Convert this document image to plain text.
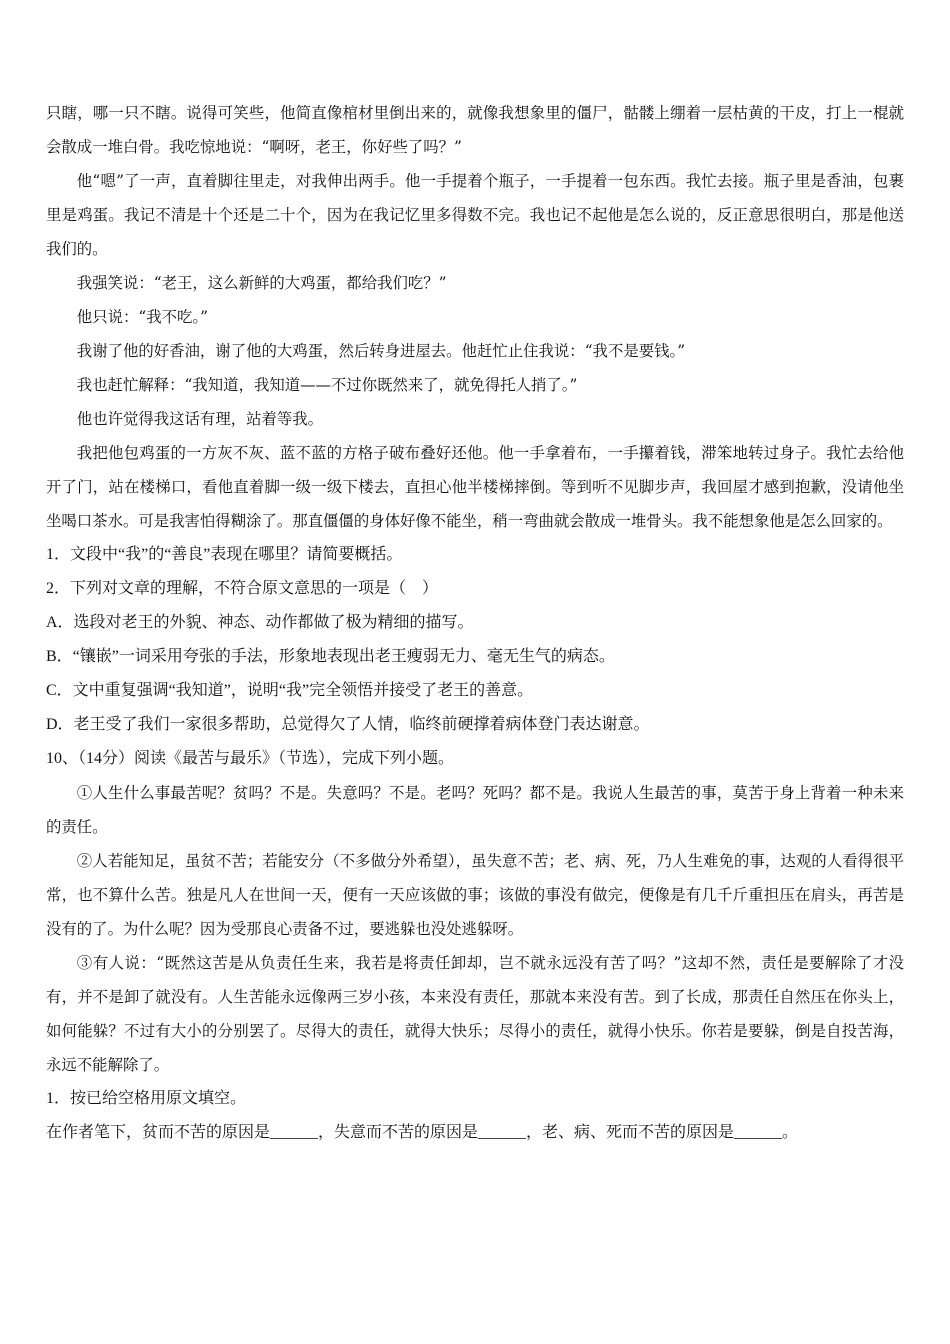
只瞎，哪一只不瞎。说得可笑些，他简直像棺材里倒出来的，就像我想象里的僵尸，骷髅上绷着一层枯黄的干皮，打上一棍就会散成一堆白骨。我吃惊地说：“啊呀，老王，你好些了吗？”

他“嗯”了一声，直着脚往里走，对我伸出两手。他一手提着个瓶子，一手提着一包东西。我忙去接。瓶子里是香油，包裹里是鸡蛋。我记不清是十个还是二十个，因为在我记忆里多得数不完。我也记不起他是怎么说的，反正意思很明白，那是他送我们的。

我强笑说：“老王，这么新鲜的大鸡蛋，都给我们吃？”

他只说：“我不吃。”

我谢了他的好香油，谢了他的大鸡蛋，然后转身进屋去。他赶忙止住我说：“我不是要钱。”

我也赶忙解释：“我知道，我知道——不过你既然来了，就免得托人捎了。”

他也许觉得我这话有理，站着等我。

我把他包鸡蛋的一方灰不灰、蓝不蓝的方格子破布叠好还他。他一手拿着布，一手攥着钱，滞笨地转过身子。我忙去给他开了门，站在楼梯口，看他直着脚一级一级下楼去，直担心他半楼梯摔倒。等到听不见脚步声，我回屋才感到抱歉，没请他坐坐喝口茶水。可是我害怕得糊涂了。那直僵僵的身体好像不能坐，稍一弯曲就会散成一堆骨头。我不能想象他是怎么回家的。

1．文段中“我”的“善良”表现在哪里？请简要概括。

2．下列对文章的理解，不符合原文意思的一项是（　）

A．选段对老王的外貌、神态、动作都做了极为精细的描写。

B．“镶嵌”一词采用夸张的手法，形象地表现出老王瘦弱无力、毫无生气的病态。

C．文中重复强调“我知道”，说明“我”完全领悟并接受了老王的善意。

D．老王受了我们一家很多帮助，总觉得欠了人情，临终前硬撑着病体登门表达谢意。

10、（14分）阅读《最苦与最乐》（节选），完成下列小题。

①人生什么事最苦呢？贫吗？不是。失意吗？不是。老吗？死吗？都不是。我说人生最苦的事，莫苦于身上背着一种未来的责任。

②人若能知足，虽贫不苦；若能安分（不多做分外希望），虽失意不苦；老、病、死，乃人生难免的事，达观的人看得很平常，也不算什么苦。独是凡人在世间一天，便有一天应该做的事；该做的事没有做完，便像是有几千斤重担压在肩头，再苦是没有的了。为什么呢？因为受那良心责备不过，要逃躲也没处逃躲呀。

③有人说：“既然这苦是从负责任生来，我若是将责任卸却，岂不就永远没有苦了吗？”这却不然，责任是要解除了才没有，并不是卸了就没有。人生苦能永远像两三岁小孩，本来没有责任，那就本来没有苦。到了长成，那责任自然压在你头上，如何能躲？不过有大小的分别罢了。尽得大的责任，就得大快乐；尽得小的责任，就得小快乐。你若是要躲，倒是自投苦海，永远不能解除了。

1．按已给空格用原文填空。

在作者笔下，贫而不苦的原因是______，失意而不苦的原因是______，老、病、死而不苦的原因是______。
